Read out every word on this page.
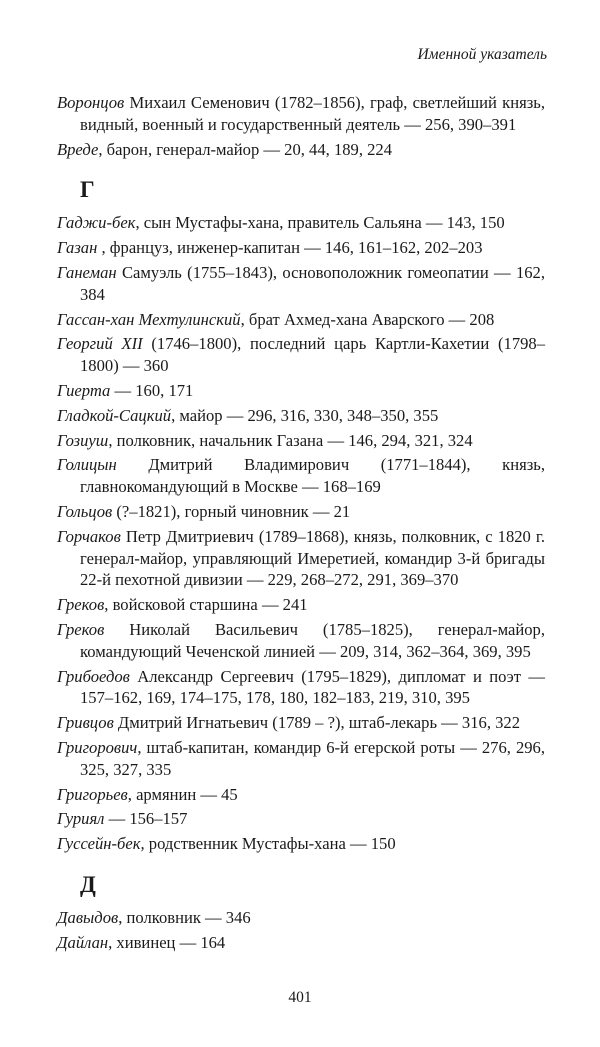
Именной указатель
Воронцов Михаил Семенович (1782–1856), граф, светлейший князь, видный, военный и государственный деятель — 256, 390–391
Вреде, барон, генерал-майор — 20, 44, 189, 224
Г
Гаджи-бек, сын Мустафы-хана, правитель Сальяна — 143, 150
Газан , француз, инженер-капитан — 146, 161–162, 202–203
Ганеман Самуэль (1755–1843), основоположник гомеопатии — 162, 384
Гассан-хан Мехтулинский, брат Ахмед-хана Аварского — 208
Георгий XII (1746–1800), последний царь Картли-Кахетии (1798–1800) — 360
Гиерта — 160, 171
Гладкой-Сацкий, майор — 296, 316, 330, 348–350, 355
Гозиуш, полковник, начальник Газана — 146, 294, 321, 324
Голицын Дмитрий Владимирович (1771–1844), князь, главнокомандующий в Москве — 168–169
Гольцов (?–1821), горный чиновник — 21
Горчаков Петр Дмитриевич (1789–1868), князь, полковник, с 1820 г. генерал-майор, управляющий Имеретией, командир 3-й бригады 22-й пехотной дивизии — 229, 268–272, 291, 369–370
Греков, войсковой старшина — 241
Греков Николай Васильевич (1785–1825), генерал-майор, командующий Чеченской линией — 209, 314, 362–364, 369, 395
Грибоедов Александр Сергеевич (1795–1829), дипломат и поэт — 157–162, 169, 174–175, 178, 180, 182–183, 219, 310, 395
Гривцов Дмитрий Игнатьевич (1789 – ?), штаб-лекарь — 316, 322
Григорович, штаб-капитан, командир 6-й егерской роты — 276, 296, 325, 327, 335
Григорьев, армянин — 45
Гуриял — 156–157
Гуссейн-бек, родственник Мустафы-хана — 150
Д
Давыдов, полковник — 346
Дайлан, хивинец — 164
401
